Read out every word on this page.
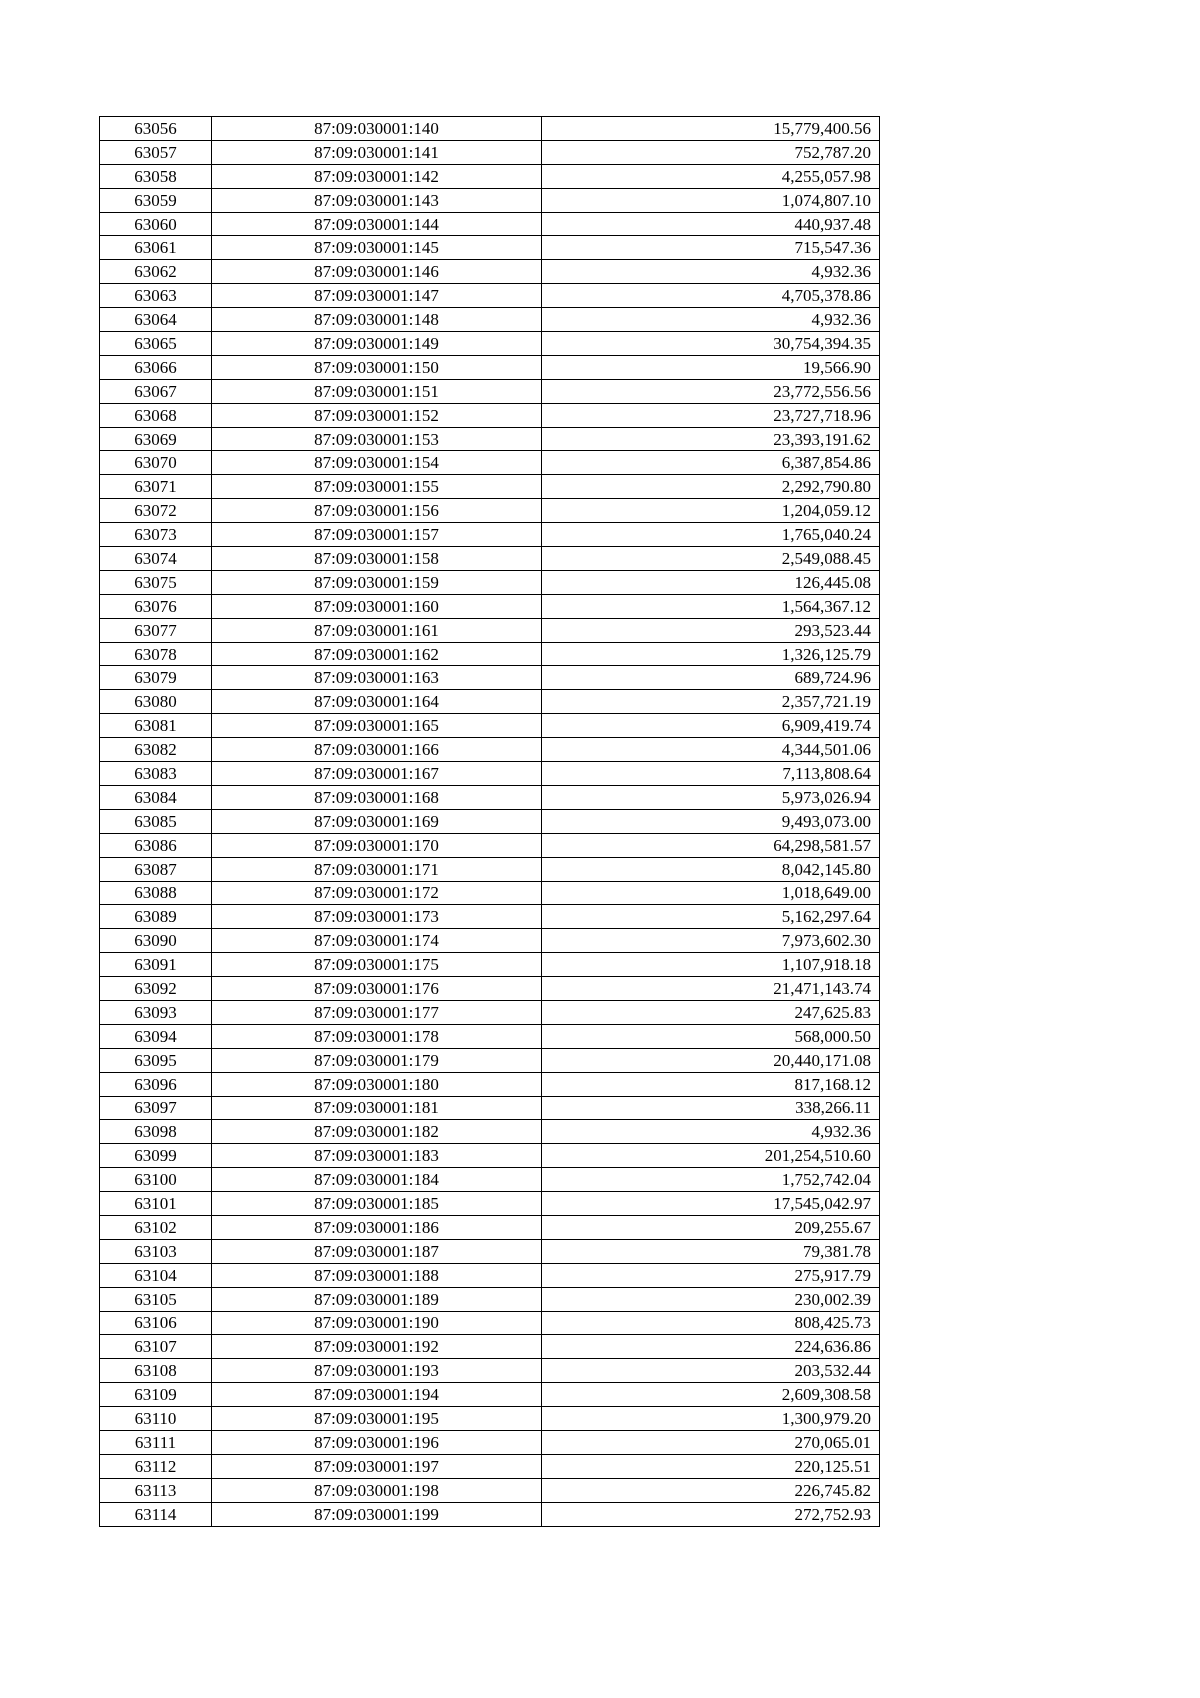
63056	87:09:030001:140	15,779,400.56
63057	87:09:030001:141	752,787.20
63058	87:09:030001:142	4,255,057.98
63059	87:09:030001:143	1,074,807.10
63060	87:09:030001:144	440,937.48
63061	87:09:030001:145	715,547.36
63062	87:09:030001:146	4,932.36
63063	87:09:030001:147	4,705,378.86
63064	87:09:030001:148	4,932.36
63065	87:09:030001:149	30,754,394.35
63066	87:09:030001:150	19,566.90
63067	87:09:030001:151	23,772,556.56
63068	87:09:030001:152	23,727,718.96
63069	87:09:030001:153	23,393,191.62
63070	87:09:030001:154	6,387,854.86
63071	87:09:030001:155	2,292,790.80
63072	87:09:030001:156	1,204,059.12
63073	87:09:030001:157	1,765,040.24
63074	87:09:030001:158	2,549,088.45
63075	87:09:030001:159	126,445.08
63076	87:09:030001:160	1,564,367.12
63077	87:09:030001:161	293,523.44
63078	87:09:030001:162	1,326,125.79
63079	87:09:030001:163	689,724.96
63080	87:09:030001:164	2,357,721.19
63081	87:09:030001:165	6,909,419.74
63082	87:09:030001:166	4,344,501.06
63083	87:09:030001:167	7,113,808.64
63084	87:09:030001:168	5,973,026.94
63085	87:09:030001:169	9,493,073.00
63086	87:09:030001:170	64,298,581.57
63087	87:09:030001:171	8,042,145.80
63088	87:09:030001:172	1,018,649.00
63089	87:09:030001:173	5,162,297.64
63090	87:09:030001:174	7,973,602.30
63091	87:09:030001:175	1,107,918.18
63092	87:09:030001:176	21,471,143.74
63093	87:09:030001:177	247,625.83
63094	87:09:030001:178	568,000.50
63095	87:09:030001:179	20,440,171.08
63096	87:09:030001:180	817,168.12
63097	87:09:030001:181	338,266.11
63098	87:09:030001:182	4,932.36
63099	87:09:030001:183	201,254,510.60
63100	87:09:030001:184	1,752,742.04
63101	87:09:030001:185	17,545,042.97
63102	87:09:030001:186	209,255.67
63103	87:09:030001:187	79,381.78
63104	87:09:030001:188	275,917.79
63105	87:09:030001:189	230,002.39
63106	87:09:030001:190	808,425.73
63107	87:09:030001:192	224,636.86
63108	87:09:030001:193	203,532.44
63109	87:09:030001:194	2,609,308.58
63110	87:09:030001:195	1,300,979.20
63111	87:09:030001:196	270,065.01
63112	87:09:030001:197	220,125.51
63113	87:09:030001:198	226,745.82
63114	87:09:030001:199	272,752.93
